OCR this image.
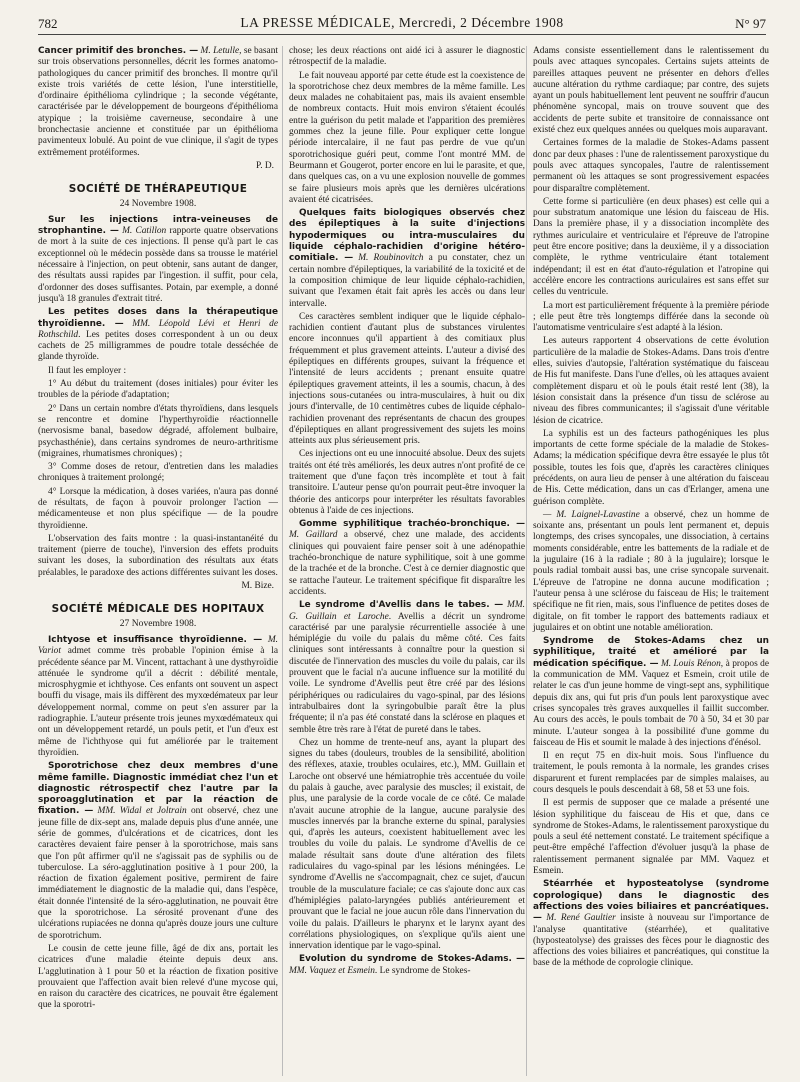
782	LA PRESSE MÉDICALE, Mercredi, 2 Décembre 1908	N° 97

Cancer primitif des bronches. — M. Letulle, se basant sur trois observations personnelles, décrit les formes anatomo-pathologiques du cancer primitif des bronches. Il montre qu'il existe trois variétés de cette lésion, l'une interstitielle, d'ordinaire épithélioma cylindrique ; la seconde végétante, caractérisée par le développement de bourgeons d'épithélioma atypique ; la troisième caverneuse, secondaire à une bronchectasie ancienne et constituée par un épithélioma pavimenteux lobulé. Au point de vue clinique, il s'agit de types extrêmement protéiformes.

P. D.
SOCIÉTÉ DE THÉRAPEUTIQUE
24 Novembre 1908.

Sur les injections intra-veineuses de strophantine. — M. Catillon rapporte quatre observations de mort à la suite de ces injections. Il pense qu'à part le cas exceptionnel où le médecin possède dans sa trousse le matériel nécessaire à l'injection, on peut obtenir, sans autant de danger, des résultats aussi rapides par l'ingestion. il suffit, pour cela, d'ordonner des doses suffisantes. Potain, par exemple, a donné jusqu'à 18 granules d'extrait titré.

Les petites doses dans la thérapeutique thyroïdienne. — MM. Léopold Lévi et Henri de Rothschild. Les petites doses correspondent à un ou deux cachets de 25 milligrammes de poudre totale desséchée de glande thyroïde.

Il faut les employer :

1° Au début du traitement (doses initiales) pour éviter les troubles de la période d'adaptation;

2° Dans un certain nombre d'états thyroïdiens, dans lesquels se rencontre et domine l'hyperthyroïdie réactionnelle (nervosisme banal, basedow dégradé, affolement bulbaire, psychasthénie), dans certains syndromes de neuro-arthritisme (migraines, rhumatismes chroniques) ;

3° Comme doses de retour, d'entretien dans les maladies chroniques à traitement prolongé;

4° Lorsque la médication, à doses variées, n'aura pas donné de résultats, de façon à pouvoir prolonger l'action — médicamenteuse et non plus spécifique — de la poudre thyroïdienne.

L'observation des faits montre : la quasi-instantanéité du traitement (pierre de touche), l'inversion des effets produits suivant les doses, la subordination des résultats aux états préalables, le paradoxe des actions différentes suivant les doses.

M. Bize.
SOCIÉTÉ MÉDICALE DES HOPITAUX
27 Novembre 1908.

Ichtyose et insuffisance thyroïdienne. — M. Variot admet comme très probable l'opinion émise à la précédente séance par M. Vincent, rattachant à une dysthyroïdie atténuée le syndrome qu'il a décrit : débilité mentale, microsphygmie et ichthyose. Ces enfants ont souvent un aspect bouffi du visage, mais ils diffèrent des myxœdémateux par leur développement normal, comme on peut s'en assurer par la radiographie. L'auteur présente trois jeunes myxœdémateux qui ont un développement retardé, un pouls petit, et l'un d'eux est même de l'ichthyose qui fut améliorée par le traitement thyroïdien.

Sporotrichose chez deux membres d'une même famille. Diagnostic immédiat chez l'un et diagnostic rétrospectif chez l'autre par la sporoagglutination et par la réaction de fixation. — MM. Widal et Joltrain ont observé, chez une jeune fille de dix-sept ans, malade depuis plus d'une année, une série de gommes, d'ulcérations et de cicatrices, dont les caractères devaient faire penser à la sporotrichose, mais sans que l'on pût affirmer qu'il ne s'agissait pas de syphilis ou de tuberculose. La séro-agglutination positive à 1 pour 200, la réaction de fixation également positive, permirent de faire immédiatement le diagnostic de la maladie qui, dans l'espèce, était donnée l'intensité de la séro-agglutination, ne pouvait être que la sporotrichose. La sérosité provenant d'une des ulcérations rupiacées ne donna qu'après douze jours une culture de sporotrichum.

Le cousin de cette jeune fille, âgé de dix ans, portait les cicatrices d'une maladie éteinte depuis deux ans. L'agglutination à 1 pour 50 et la réaction de fixation positive prouvaient que l'affection avait bien relevé d'une mycose qui, en raison du caractère des cicatrices, ne pouvait être également que la sporotri-

chose; les deux réactions ont aidé ici à assurer le diagnostic rétrospectif de la maladie.

Le fait nouveau apporté par cette étude est la coexistence de la sporotrichose chez deux membres de la même famille. Les deux malades ne cohabitaient pas, mais ils avaient ensemble de nombreux contacts. Huit mois environ s'étaient écoulés entre la guérison du petit malade et l'apparition des premières gommes chez la jeune fille. Pour expliquer cette longue période intercalaire, il ne faut pas perdre de vue qu'un sporotrichosique guéri peut, comme l'ont montré MM. de Beurmann et Gougerot, porter encore en lui le parasite, et que, dans quelques cas, on a vu une explosion nouvelle de gommes se faire plusieurs mois après que les dernières ulcérations avaient été cicatrisées.

Quelques faits biologiques observés chez des épileptiques à la suite d'injections hypodermiques ou intra-musculaires du liquide céphalo-rachidien d'origine hétéro-comitiale. — M. Roubinovitch a pu constater, chez un certain nombre d'épileptiques, la variabilité de la toxicité et de la composition chimique de leur liquide céphalo-rachidien, suivant que l'examen était fait après les accès ou dans leur intervalle.

Ces caractères semblent indiquer que le liquide céphalo-rachidien contient d'autant plus de substances virulentes encore inconnues qu'il appartient à des comitiaux plus fréquemment et plus gravement atteints. L'auteur a divisé des épileptiques en différents groupes, suivant la fréquence et l'intensité de leurs accidents ; prenant ensuite quatre épileptiques gravement atteints, il les a soumis, chacun, à des injections sous-cutanées ou intra-musculaires, à huit ou dix jours d'intervalle, de 10 centimètres cubes de liquide céphalo-rachidien provenant des représentants de chacun des groupes d'épileptiques en allant progressivement des sujets les moins atteints aux plus sérieusement pris.

Ces injections ont eu une innocuité absolue. Deux des sujets traités ont été très améliorés, les deux autres n'ont profité de ce traitement que d'une façon très incomplète et tout à fait transitoire. L'auteur pense qu'on pourrait peut-être invoquer la théorie des anticorps pour interpréter les résultats favorables obtenus à l'aide de ces injections.

Gomme syphilitique trachéo-bronchique. — M. Gaillard a observé, chez une malade, des accidents cliniques qui pouvaient faire penser soit à une adénopathie trachéo-bronchique de nature syphilitique, soit à une gomme de la trachée et de la bronche. C'est à ce dernier diagnostic que se rattache l'auteur. Le traitement spécifique fit disparaître les accidents.

Le syndrome d'Avellis dans le tabes. — MM. G. Guillain et Laroche. Avellis a décrit un syndrome caractérisé par une paralysie récurrentielle associée à une hémiplégie du voile du palais du même côté. Ces faits cliniques sont intéressants à connaître pour la question si discutée de l'innervation des muscles du voile du palais, car ils prouvent que le facial n'a aucune influence sur la motilité du voile. Le syndrome d'Avellis peut être créé par des lésions périphériques ou radiculaires du vago-spinal, par des lésions intrabulbaires dont la syringobulbie paraît être la plus fréquente; il n'a pas été constaté dans la sclérose en plaques et semble être très rare à l'état de pureté dans le tabes.

Chez un homme de trente-neuf ans, ayant la plupart des signes du tabes (douleurs, troubles de la sensibilité, abolition des réflexes, ataxie, troubles oculaires, etc.), MM. Guillain et Laroche ont observé une hémiatrophie très accentuée du voile du palais à gauche, avec paralysie des muscles; il existait, de plus, une paralysie de la corde vocale de ce côté. Ce malade n'avait aucune atrophie de la langue, aucune paralysie des muscles innervés par la branche externe du spinal, paralysies qui, d'après les auteurs, coexistent habituellement avec les troubles du voile du palais. Le syndrome d'Avellis de ce malade résultait sans doute d'une altération des filets radiculaires du vago-spinal par les lésions méningées. Le syndrome d'Avellis ne s'accompagnait, chez ce sujet, d'aucun trouble de la musculature faciale; ce cas s'ajoute donc aux cas d'hémiplégies palato-laryngées publiés antérieurement et prouvant que le facial ne joue aucun rôle dans l'innervation du voile du palais. D'ailleurs le pharynx et le larynx ayant des corrélations physiologiques, on s'explique qu'ils aient une innervation identique par le vago-spinal.

Evolution du syndrome de Stokes-Adams. — MM. Vaquez et Esmein. Le syndrome de Stokes-

Adams consiste essentiellement dans le ralentissement du pouls avec attaques syncopales. Certains sujets atteints de pareilles attaques peuvent ne présenter en dehors d'elles aucune altération du rythme cardiaque; par contre, des sujets ayant un pouls habituellement lent peuvent ne souffrir d'aucun phénomène syncopal, mais on trouve souvent que des accidents de perte subite et transitoire de connaissance ont existé chez eux quelques années ou quelques mois auparavant.

Certaines formes de la maladie de Stokes-Adams passent donc par deux phases : l'une de ralentissement paroxystique du pouls avec attaques syncopales, l'autre de ralentissement permanent où les attaques se sont progressivement espacées pour disparaître complètement.

Cette forme si particulière (en deux phases) est celle qui a pour substratum anatomique une lésion du faisceau de His. Dans la première phase, il y a dissociation incomplète des rythmes auriculaire et ventriculaire et l'épreuve de l'atropine peut être encore positive; dans la deuxième, il y a dissociation complète, le rythme ventriculaire étant totalement indépendant; il est en état d'auto-régulation et l'atropine qui accélère encore les contractions auriculaires est sans effet sur celles du ventricule.

La mort est particulièrement fréquente à la première période ; elle peut être très longtemps différée dans la seconde où l'automatisme ventriculaire s'est adapté à la lésion.

Les auteurs rapportent 4 observations de cette évolution particulière de la maladie de Stokes-Adams. Dans trois d'entre elles, suivies d'autopsie, l'altération systématique du faisceau de His fut manifeste. Dans l'une d'elles, où les attaques avaient complètement disparu et où le pouls était resté lent (38), la lésion consistait dans la présence d'un tissu de sclérose au niveau des fibres communicantes; il s'agissait d'une véritable lésion de cicatrice.

La syphilis est un des facteurs pathogéniques les plus importants de cette forme spéciale de la maladie de Stokes-Adams; la médication spécifique devra être essayée le plus tôt possible, toutes les fois que, d'après les caractères cliniques précédents, on aura lieu de penser à une altération du faisceau de His. Cette médication, dans un cas d'Erlanger, amena une guérison complète.

— M. Laignel-Lavastine a observé, chez un homme de soixante ans, présentant un pouls lent permanent et, depuis longtemps, des crises syncopales, une dissociation, à certains moments considérable, entre les battements de la radiale et de la jugulaire (16 à la radiale ; 80 à la jugulaire); lorsque le pouls radial tombait aussi bas, une crise syncopale survenait. L'épreuve de l'atropine ne donna aucune modification ; l'auteur pensa à une sclérose du faisceau de His; le traitement spécifique ne fit rien, mais, sous l'influence de petites doses de digitale, on fit tomber le rapport des battements radiaux et jugulaires et on obtint une notable amélioration.

Syndrome de Stokes-Adams chez un syphilitique, traité et amélioré par la médication spécifique. — M. Louis Rénon, à propos de la communication de MM. Vaquez et Esmein, croit utile de relater le cas d'un jeune homme de vingt-sept ans, syphilitique depuis dix ans, qui fut pris d'un pouls lent paroxystique avec crises syncopales très graves auxquelles il faillit succomber. Au cours des accès, le pouls tombait de 70 à 50, 34 et 30 par minute. L'auteur songea à la possibilité d'une gomme du faisceau de His et soumit le malade à des injections d'énésol.

Il en reçut 75 en dix-huit mois. Sous l'influence du traitement, le pouls remonta à la normale, les grandes crises disparurent et furent remplacées par de simples malaises, au cours desquels le pouls descendait à 68, 58 et 53 une fois.

Il est permis de supposer que ce malade a présenté une lésion syphilitique du faisceau de His et que, dans ce syndrome de Stokes-Adams, le ralentissement paroxystique du pouls a seul été nettement constaté. Le traitement spécifique a peut-être empêché l'affection d'évoluer jusqu'à la phase de ralentissement permanent signalée par MM. Vaquez et Esmein.

Stéarrhée et hyposteatolyse (syndrome coprologique) dans le diagnostic des affections des voies biliaires et pancréatiques. — M. René Gaultier insiste à nouveau sur l'importance de l'analyse quantitative (stéarrhée), et qualitative (hyposteatolyse) des graisses des fèces pour le diagnostic des affections des voies biliaires et pancréatiques, qui constitue la base de la méthode de coprologie clinique.
